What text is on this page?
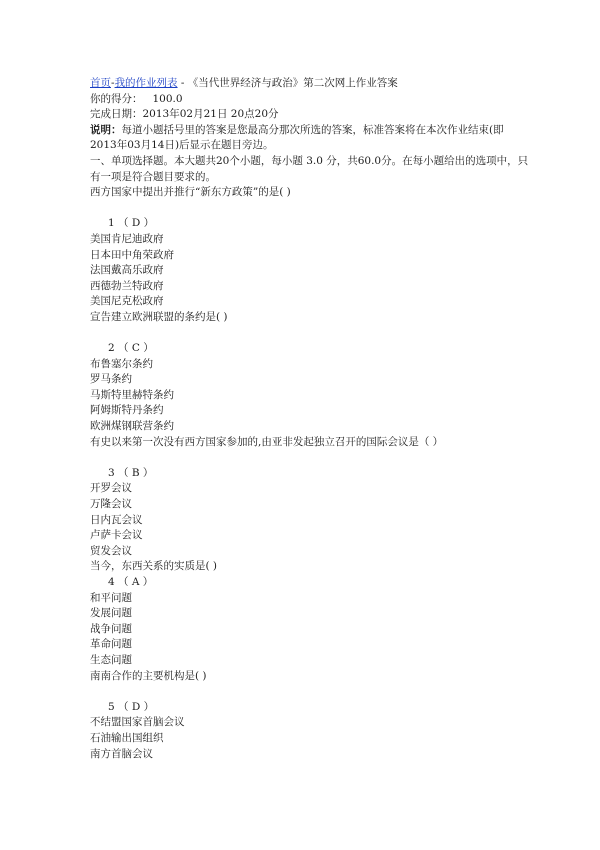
首页-我的作业列表 - 《当代世界经济与政治》第二次网上作业答案
你的得分： 100.0
完成日期：2013年02月21日 20点20分
说明：每道小题括号里的答案是您最高分那次所选的答案，标准答案将在本次作业结束(即2013年03月14日)后显示在题目旁边。
一、单项选择题。本大题共20个小题，每小题 3.0 分，共60.0分。在每小题给出的选项中，只有一项是符合题目要求的。
西方国家中提出并推行“新东方政策”的是( )
1 （ D ）
美国肯尼迪政府
日本田中角荣政府
法国戴高乐政府
西德勃兰特政府
美国尼克松政府
宣告建立欧洲联盟的条约是( )
2 （ C ）
布鲁塞尔条约
罗马条约
马斯特里赫特条约
阿姆斯特丹条约
欧洲煤钢联营条约
有史以来第一次没有西方国家参加的,由亚非发起独立召开的国际会议是（ ）
3 （ B ）
开罗会议
万隆会议
日内瓦会议
卢萨卡会议
贸发会议
当今，东西关系的实质是( )
4 （ A ）
和平问题
发展问题
战争问题
革命问题
生态问题
南南合作的主要机构是( )
5 （ D ）
不结盟国家首脑会议
石油输出国组织
南方首脑会议
